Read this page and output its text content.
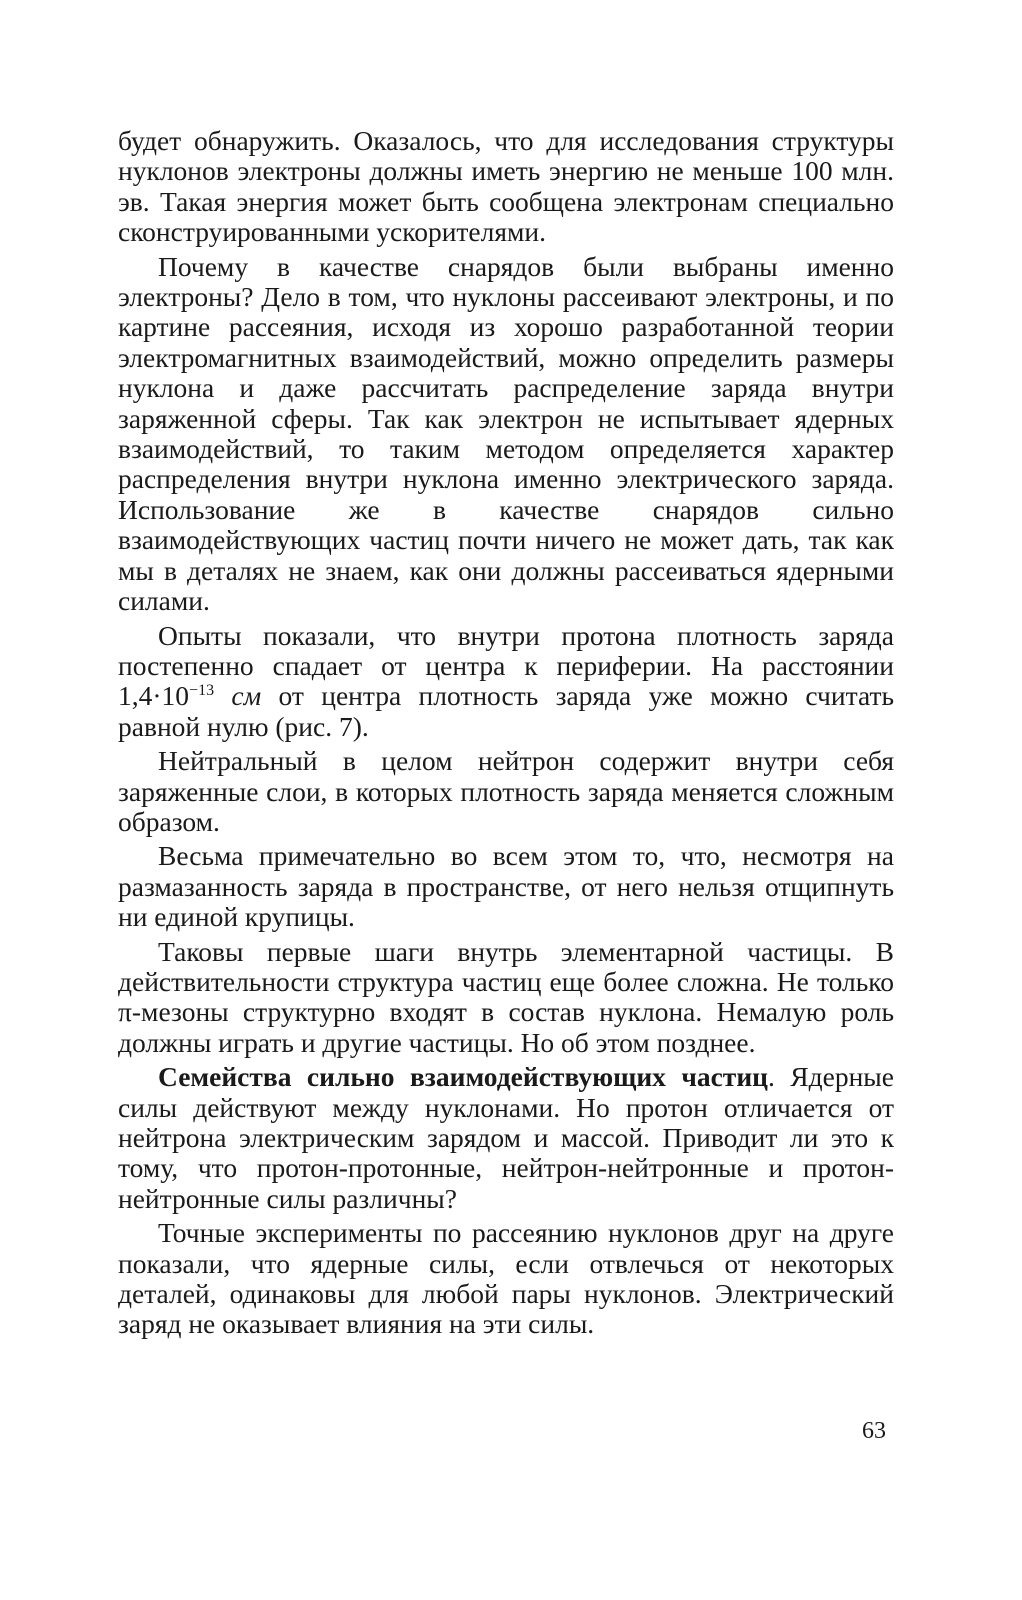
будет обнаружить. Оказалось, что для исследования структуры нуклонов электроны должны иметь энергию не меньше 100 млн. эв. Такая энергия может быть сообщена электронам специально сконструированными ускорителями.

Почему в качестве снарядов были выбраны именно электроны? Дело в том, что нуклоны рассеивают электроны, и по картине рассеяния, исходя из хорошо разработанной теории электромагнитных взаимодействий, можно определить размеры нуклона и даже рассчитать распределение заряда внутри заряженной сферы. Так как электрон не испытывает ядерных взаимодействий, то таким методом определяется характер распределения внутри нуклона именно электрического заряда. Использование же в качестве снарядов сильно взаимодействующих частиц почти ничего не может дать, так как мы в деталях не знаем, как они должны рассеиваться ядерными силами.

Опыты показали, что внутри протона плотность заряда постепенно спадает от центра к периферии. На расстоянии $1,4\cdot 10^{-13}$ см от центра плотность заряда уже можно считать равной нулю (рис. 7).

Нейтральный в целом нейтрон содержит внутри себя заряженные слои, в которых плотность заряда меняется сложным образом.

Весьма примечательно во всем этом то, что, несмотря на размазанность заряда в пространстве, от него нельзя отщипнуть ни единой крупицы.

Таковы первые шаги внутрь элементарной частицы. В действительности структура частиц еще более сложна. Не только π-мезоны структурно входят в состав нуклона. Немалую роль должны играть и другие частицы. Но об этом позднее.

Семейства сильно взаимодействующих частиц. Ядерные силы действуют между нуклонами. Но протон отличается от нейтрона электрическим зарядом и массой. Приводит ли это к тому, что протон-протонные, нейтрон-нейтронные и протон-нейтронные силы различны?

Точные эксперименты по рассеянию нуклонов друг на друге показали, что ядерные силы, если отвлечься от некоторых деталей, одинаковы для любой пары нуклонов. Электрический заряд не оказывает влияния на эти силы.

63
